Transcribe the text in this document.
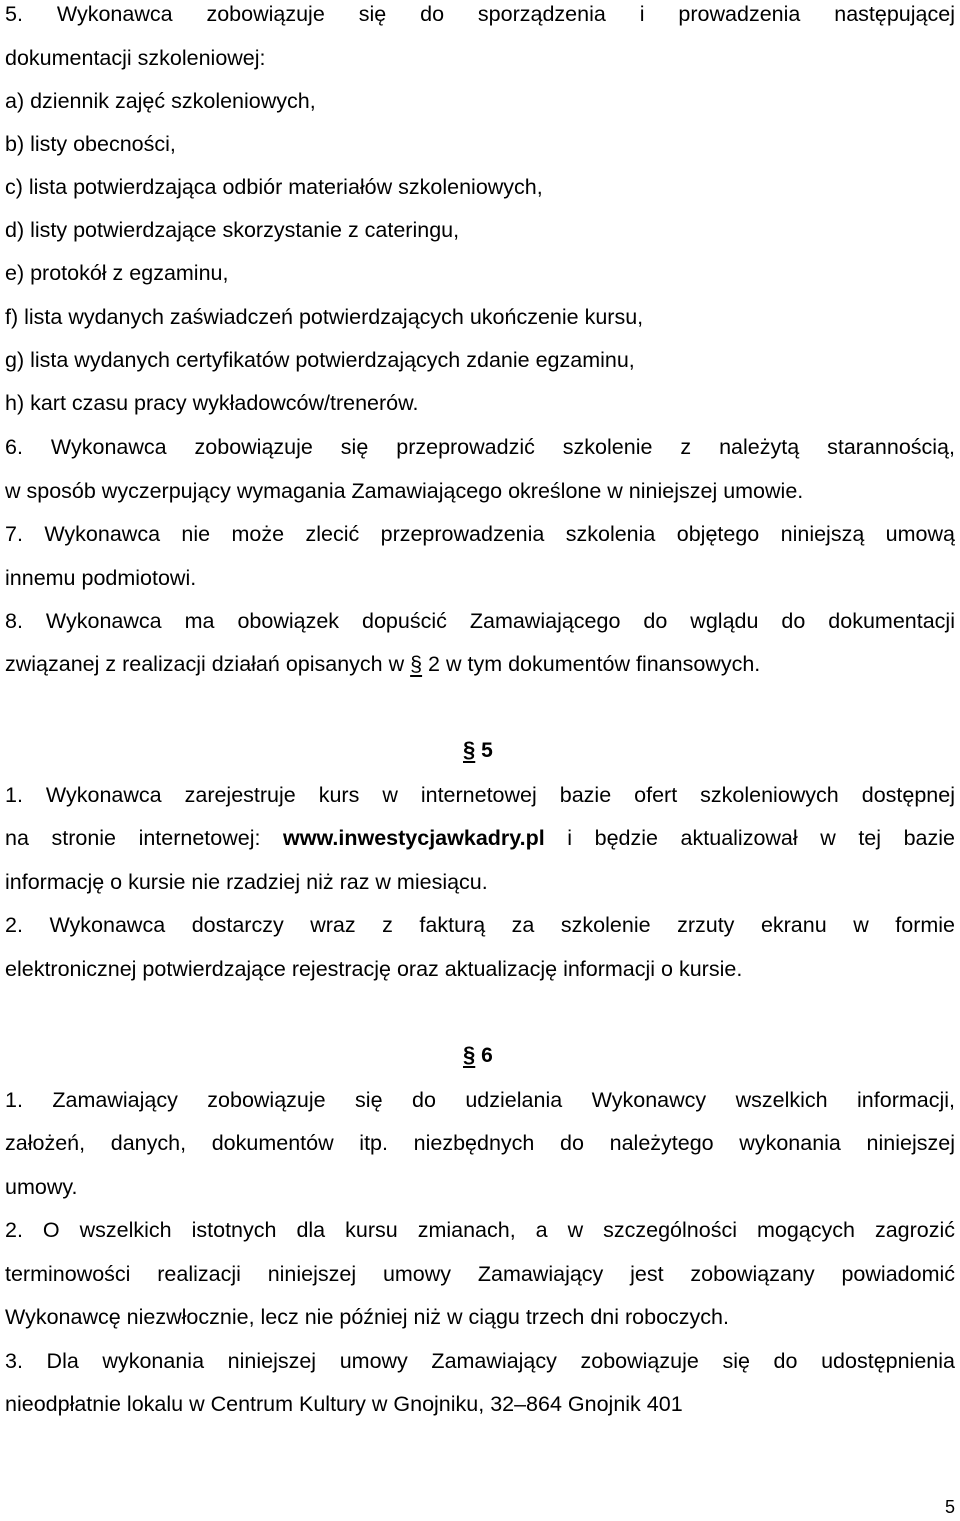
5. Wykonawca zobowiązuje się do sporządzenia i prowadzenia następującej
dokumentacji szkoleniowej:
a) dziennik zajęć szkoleniowych,
b) listy obecności,
c) lista potwierdzająca odbiór materiałów szkoleniowych,
d) listy potwierdzające skorzystanie z cateringu,
e) protokół z egzaminu,
f) lista wydanych zaświadczeń potwierdzających ukończenie kursu,
g) lista wydanych certyfikatów potwierdzających zdanie egzaminu,
h) kart czasu pracy wykładowców/trenerów.
6. Wykonawca zobowiązuje się przeprowadzić szkolenie z należytą starannością,
w sposób wyczerpujący wymagania Zamawiającego określone w niniejszej umowie.
7. Wykonawca nie może zlecić przeprowadzenia szkolenia objętego niniejszą umową
innemu podmiotowi.
8. Wykonawca ma obowiązek dopuścić Zamawiającego do wglądu do dokumentacji
związanej z realizacji działań opisanych w § 2 w tym dokumentów finansowych.
§ 5
1. Wykonawca zarejestruje kurs w internetowej bazie ofert szkoleniowych dostępnej
na stronie internetowej: www.inwestycjawkadry.pl i będzie aktualizował w tej bazie
informację o kursie nie rzadziej niż raz w miesiącu.
2. Wykonawca dostarczy wraz z fakturą za szkolenie zrzuty ekranu w formie
elektronicznej potwierdzające rejestrację oraz aktualizację informacji o kursie.
§ 6
1. Zamawiający zobowiązuje się do udzielania Wykonawcy wszelkich informacji,
założeń, danych, dokumentów itp. niezbędnych do należytego wykonania niniejszej
umowy.
2. O wszelkich istotnych dla kursu zmianach, a w szczególności mogących zagrozić
terminowości realizacji niniejszej umowy Zamawiający jest zobowiązany powiadomić
Wykonawcę niezwłocznie, lecz nie później niż w ciągu trzech dni roboczych.
3. Dla wykonania niniejszej umowy Zamawiający zobowiązuje się do udostępnienia
nieodpłatnie lokalu w Centrum Kultury w Gnojniku, 32–864 Gnojnik 401
5
